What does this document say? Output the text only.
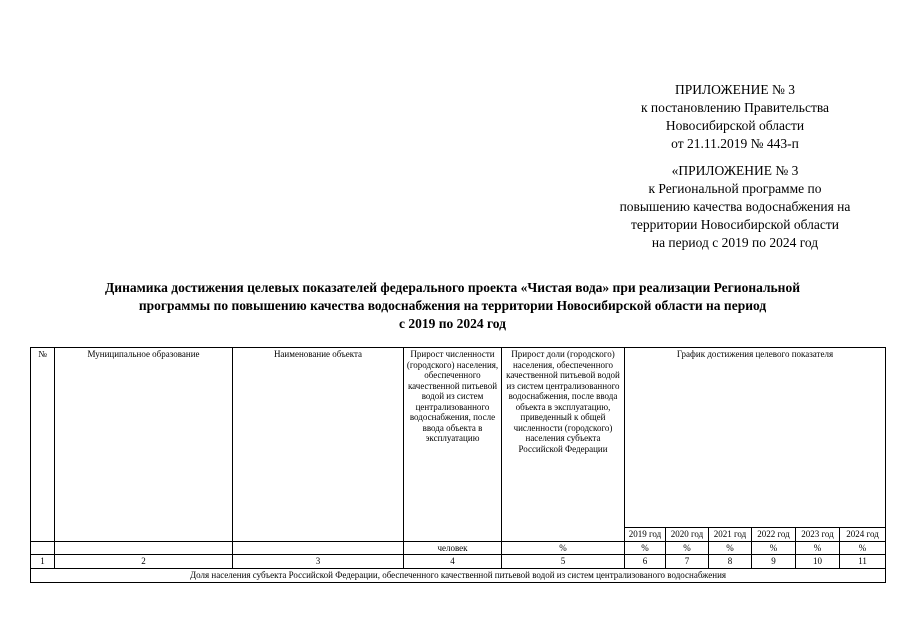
ПРИЛОЖЕНИЕ № 3
к постановлению Правительства
Новосибирской области
от 21.11.2019 № 443-п
«ПРИЛОЖЕНИЕ № 3
к Региональной программе по
повышению качества водоснабжения на
территории Новосибирской области
на период с 2019 по 2024 год
Динамика достижения целевых показателей федерального проекта «Чистая вода» при реализации Региональной
программы по повышению качества водоснабжения на территории Новосибирской области на период
с 2019 по 2024 год
№	Муниципальное образование	Наименование объекта	Прирост численности (городского) населения, обеспеченного качественной питьевой водой из систем централизованного водоснабжения, после ввода объекта в эксплуатацию	Прирост доли (городского) населения, обеспеченного качественной питьевой водой из систем централизованного водоснабжения, после ввода объекта в эксплуатацию, приведенный к общей численности (городского) населения субъекта Российской Федерации	График достижения целевого показателя					
					2019 год	2020 год	2021 год	2022 год	2023 год	2024 год
			человек	%	%	%	%	%	%	%
1	2	3	4	5	6	7	8	9	10	11
Доля населения субъекта Российской Федерации, обеспеченного качественной питьевой водой из систем централизованого водоснабжения										
